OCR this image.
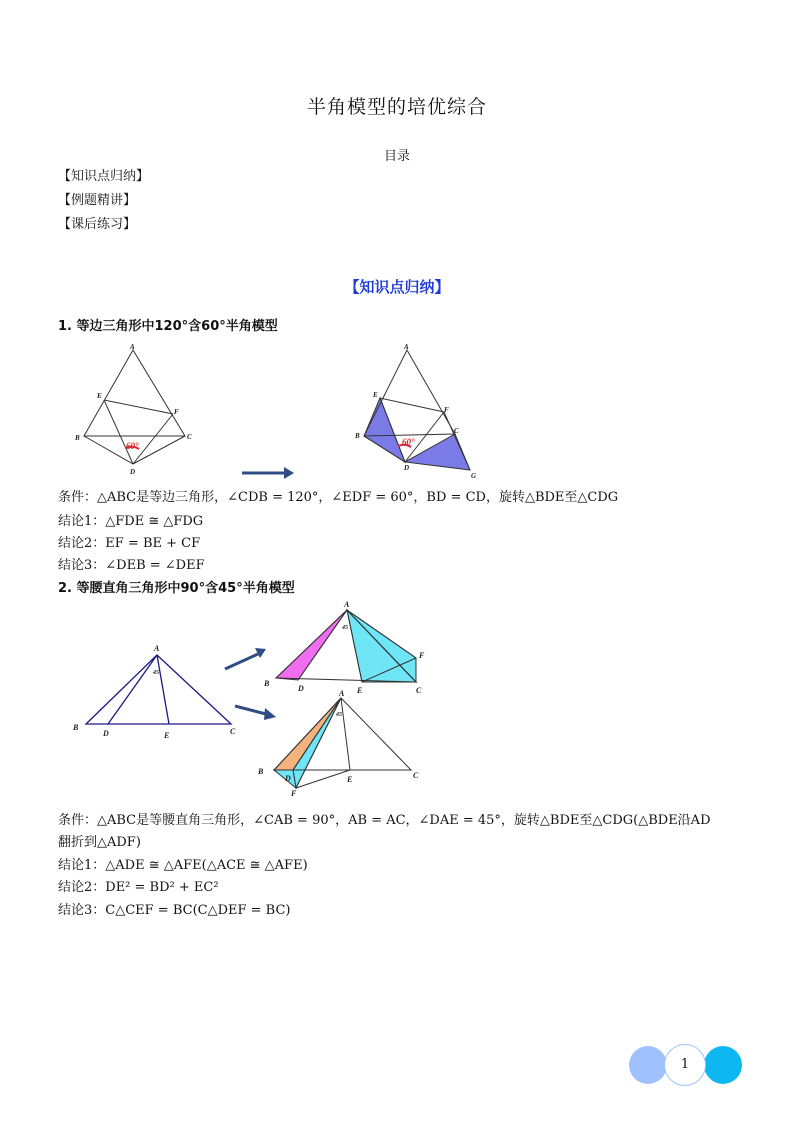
半角模型的培优综合
目录
【知识点归纳】
【例题精讲】
【课后练习】
【知识点归纳】
1. 等边三角形中120°含60°半角模型
60°
A
B	C
D
E
F
60°
A
B
C
D
E
F
G
条件：△ABC是等边三角形，∠CDB = 120°，∠EDF = 60°，BD = CD，旋转△BDE至△CDG
结论1：△FDE ≅ △FDG
结论2：EF = BE + CF
结论3：∠DEB = ∠DEF
2. 等腰直角三角形中90°含45°半角模型
A
B	C
D	E
45
A
B
C
D	E
F
45
A
B	C
D	E
F
45
条件：△ABC是等腰直角三角形，∠CAB = 90°，AB = AC，∠DAE = 45°，旋转△BDE至△CDG(△BDE沿AD
翻折到△ADF)
结论1：△ADE ≅ △AFE(△ACE ≅ △AFE)
结论2：DE² = BD² + EC²
结论3：C△CEF = BC(C△DEF = BC)
1
